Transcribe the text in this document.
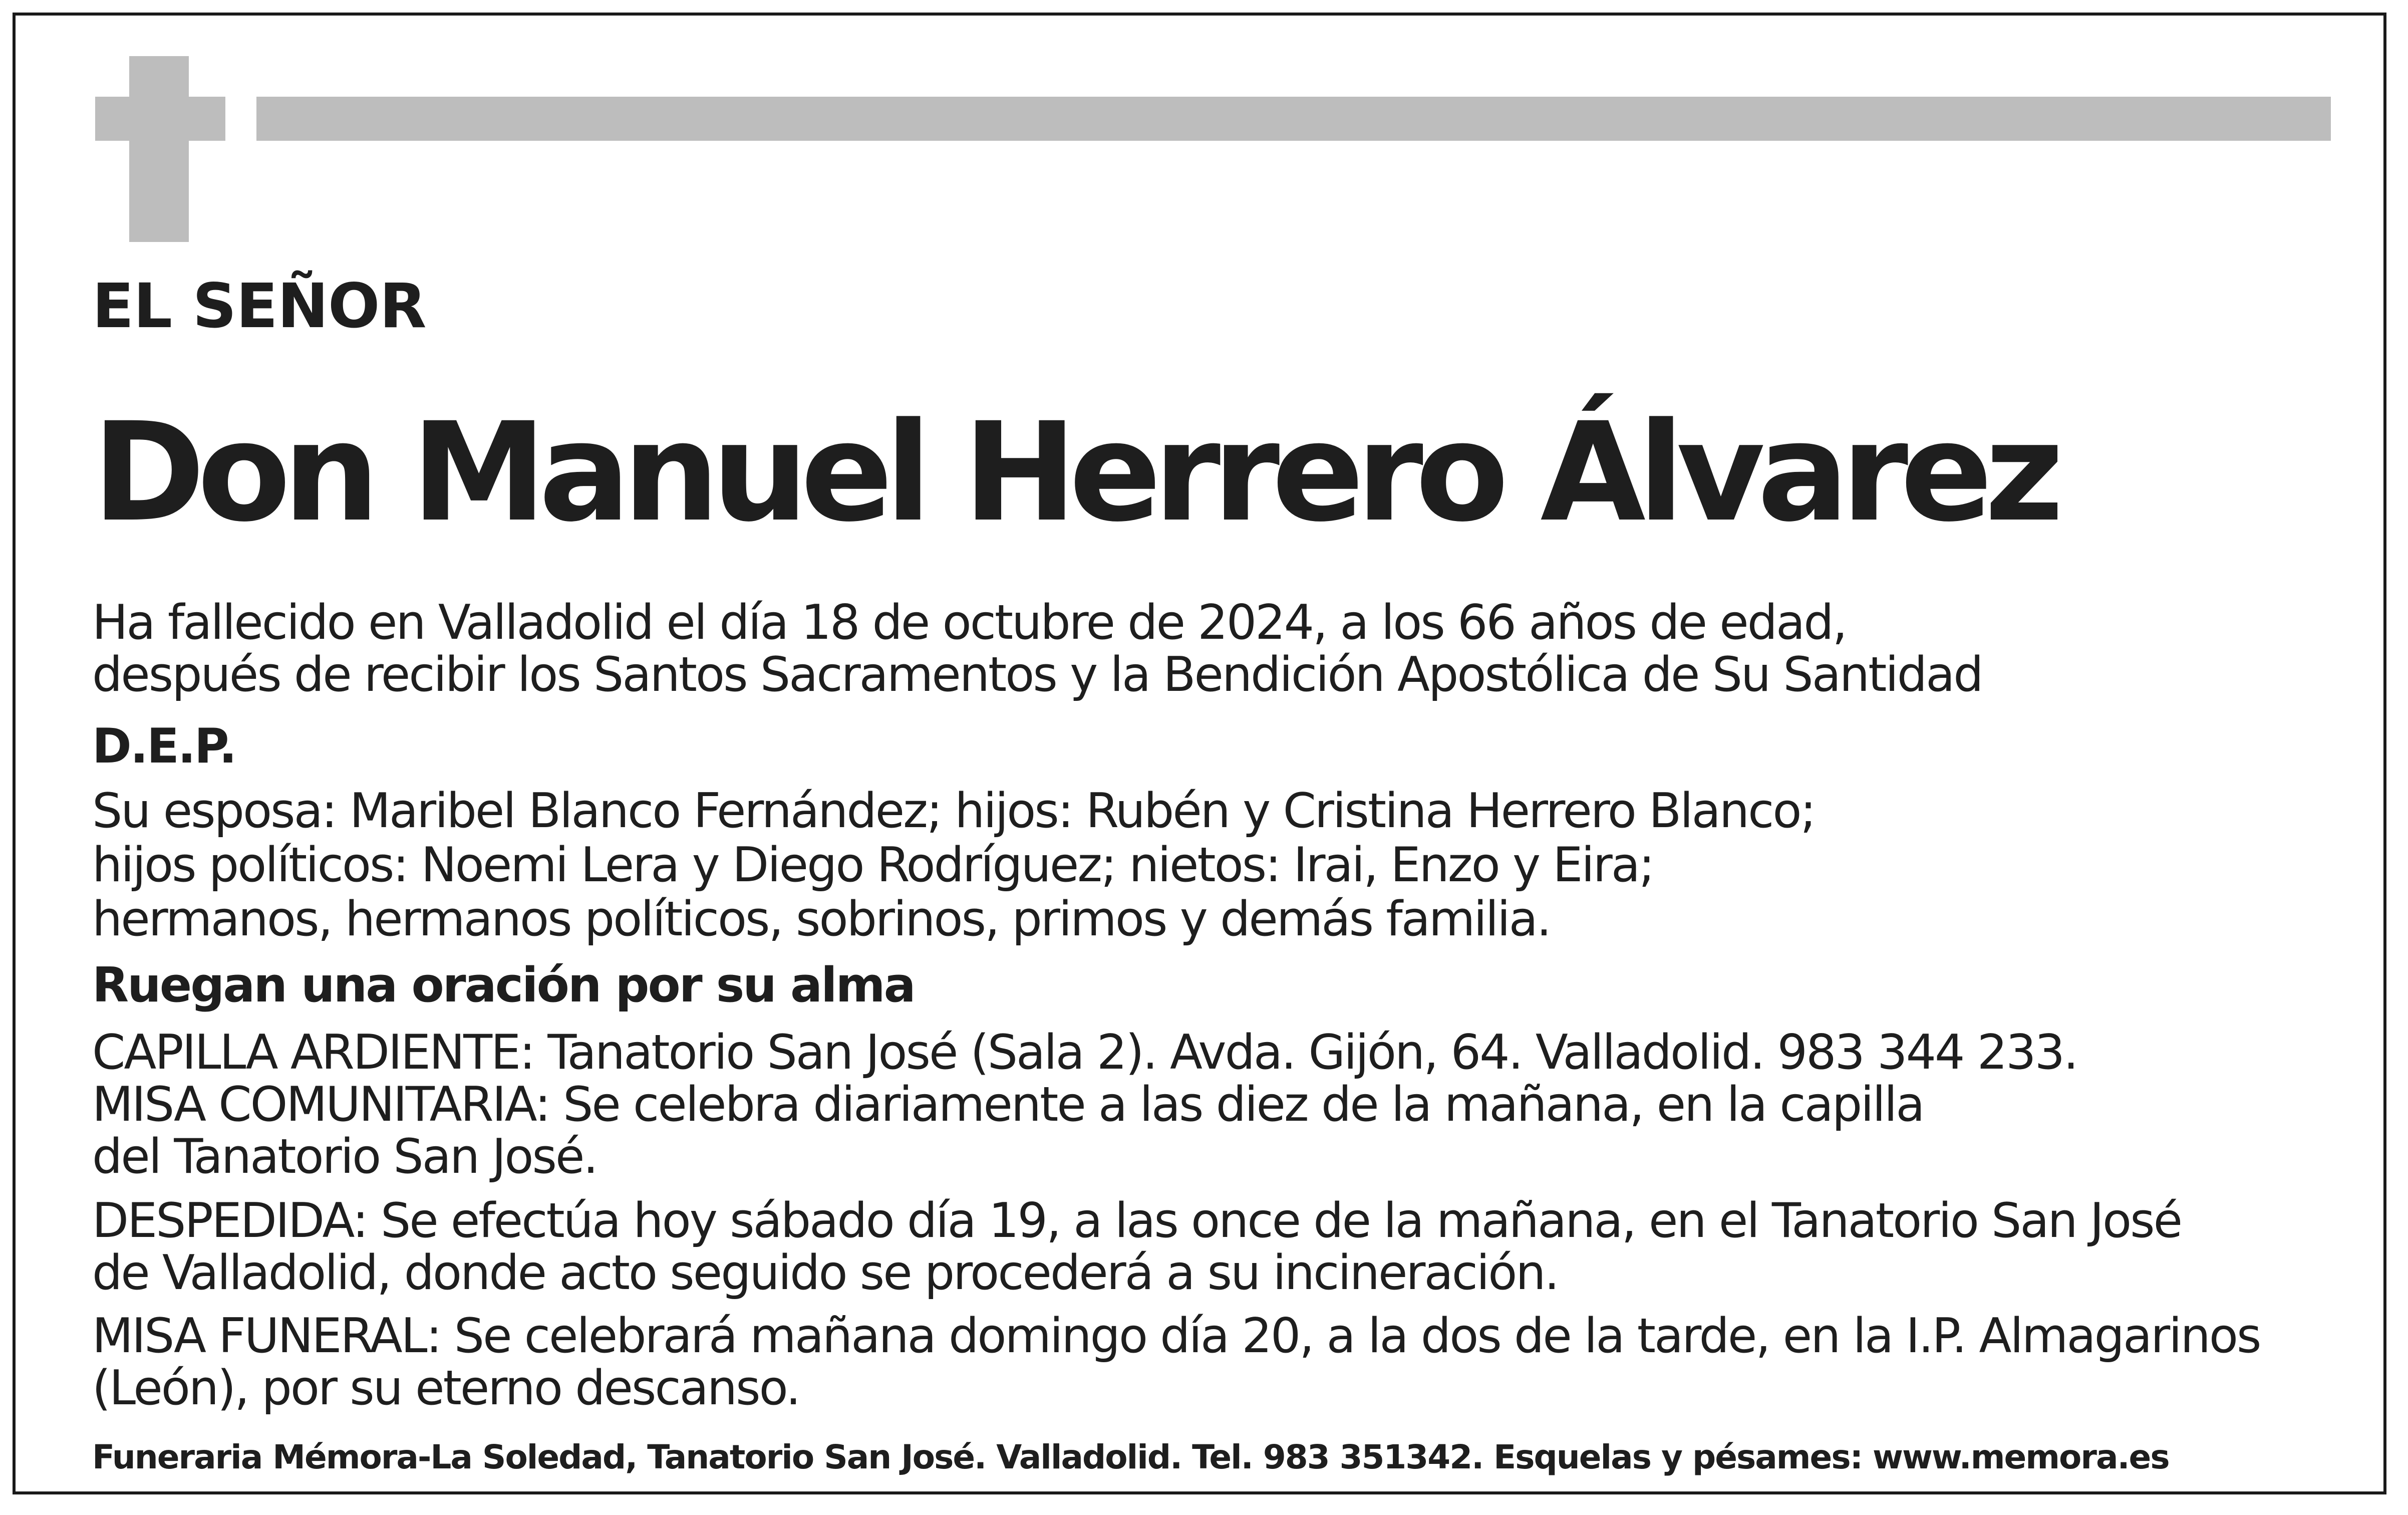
EL SEÑOR

Don Manuel Herrero Álvarez

Ha fallecido en Valladolid el día 18 de octubre de 2024, a los 66 años de edad,

después de recibir los Santos Sacramentos y la Bendición Apostólica de Su Santidad

D.E.P.

Su esposa: Maribel Blanco Fernández; hijos: Rubén y Cristina Herrero Blanco;

hijos políticos: Noemi Lera y Diego Rodríguez; nietos: Irai, Enzo y Eira;

hermanos, hermanos políticos, sobrinos, primos y demás familia.

Ruegan una oración por su alma

CAPILLA ARDIENTE: Tanatorio San José (Sala 2). Avda. Gijón, 64. Valladolid. 983 344 233.

MISA COMUNITARIA: Se celebra diariamente a las diez de la mañana, en la capilla

del Tanatorio San José.

DESPEDIDA: Se efectúa hoy sábado día 19, a las once de la mañana, en el Tanatorio San José

de Valladolid, donde acto seguido se procederá a su incineración.

MISA FUNERAL: Se celebrará mañana domingo día 20, a la dos de la tarde, en la I.P. Almagarinos

(León), por su eterno descanso.

Funeraria Mémora-La Soledad, Tanatorio San José. Valladolid. Tel. 983 351342. Esquelas y pésames: www.memora.es
